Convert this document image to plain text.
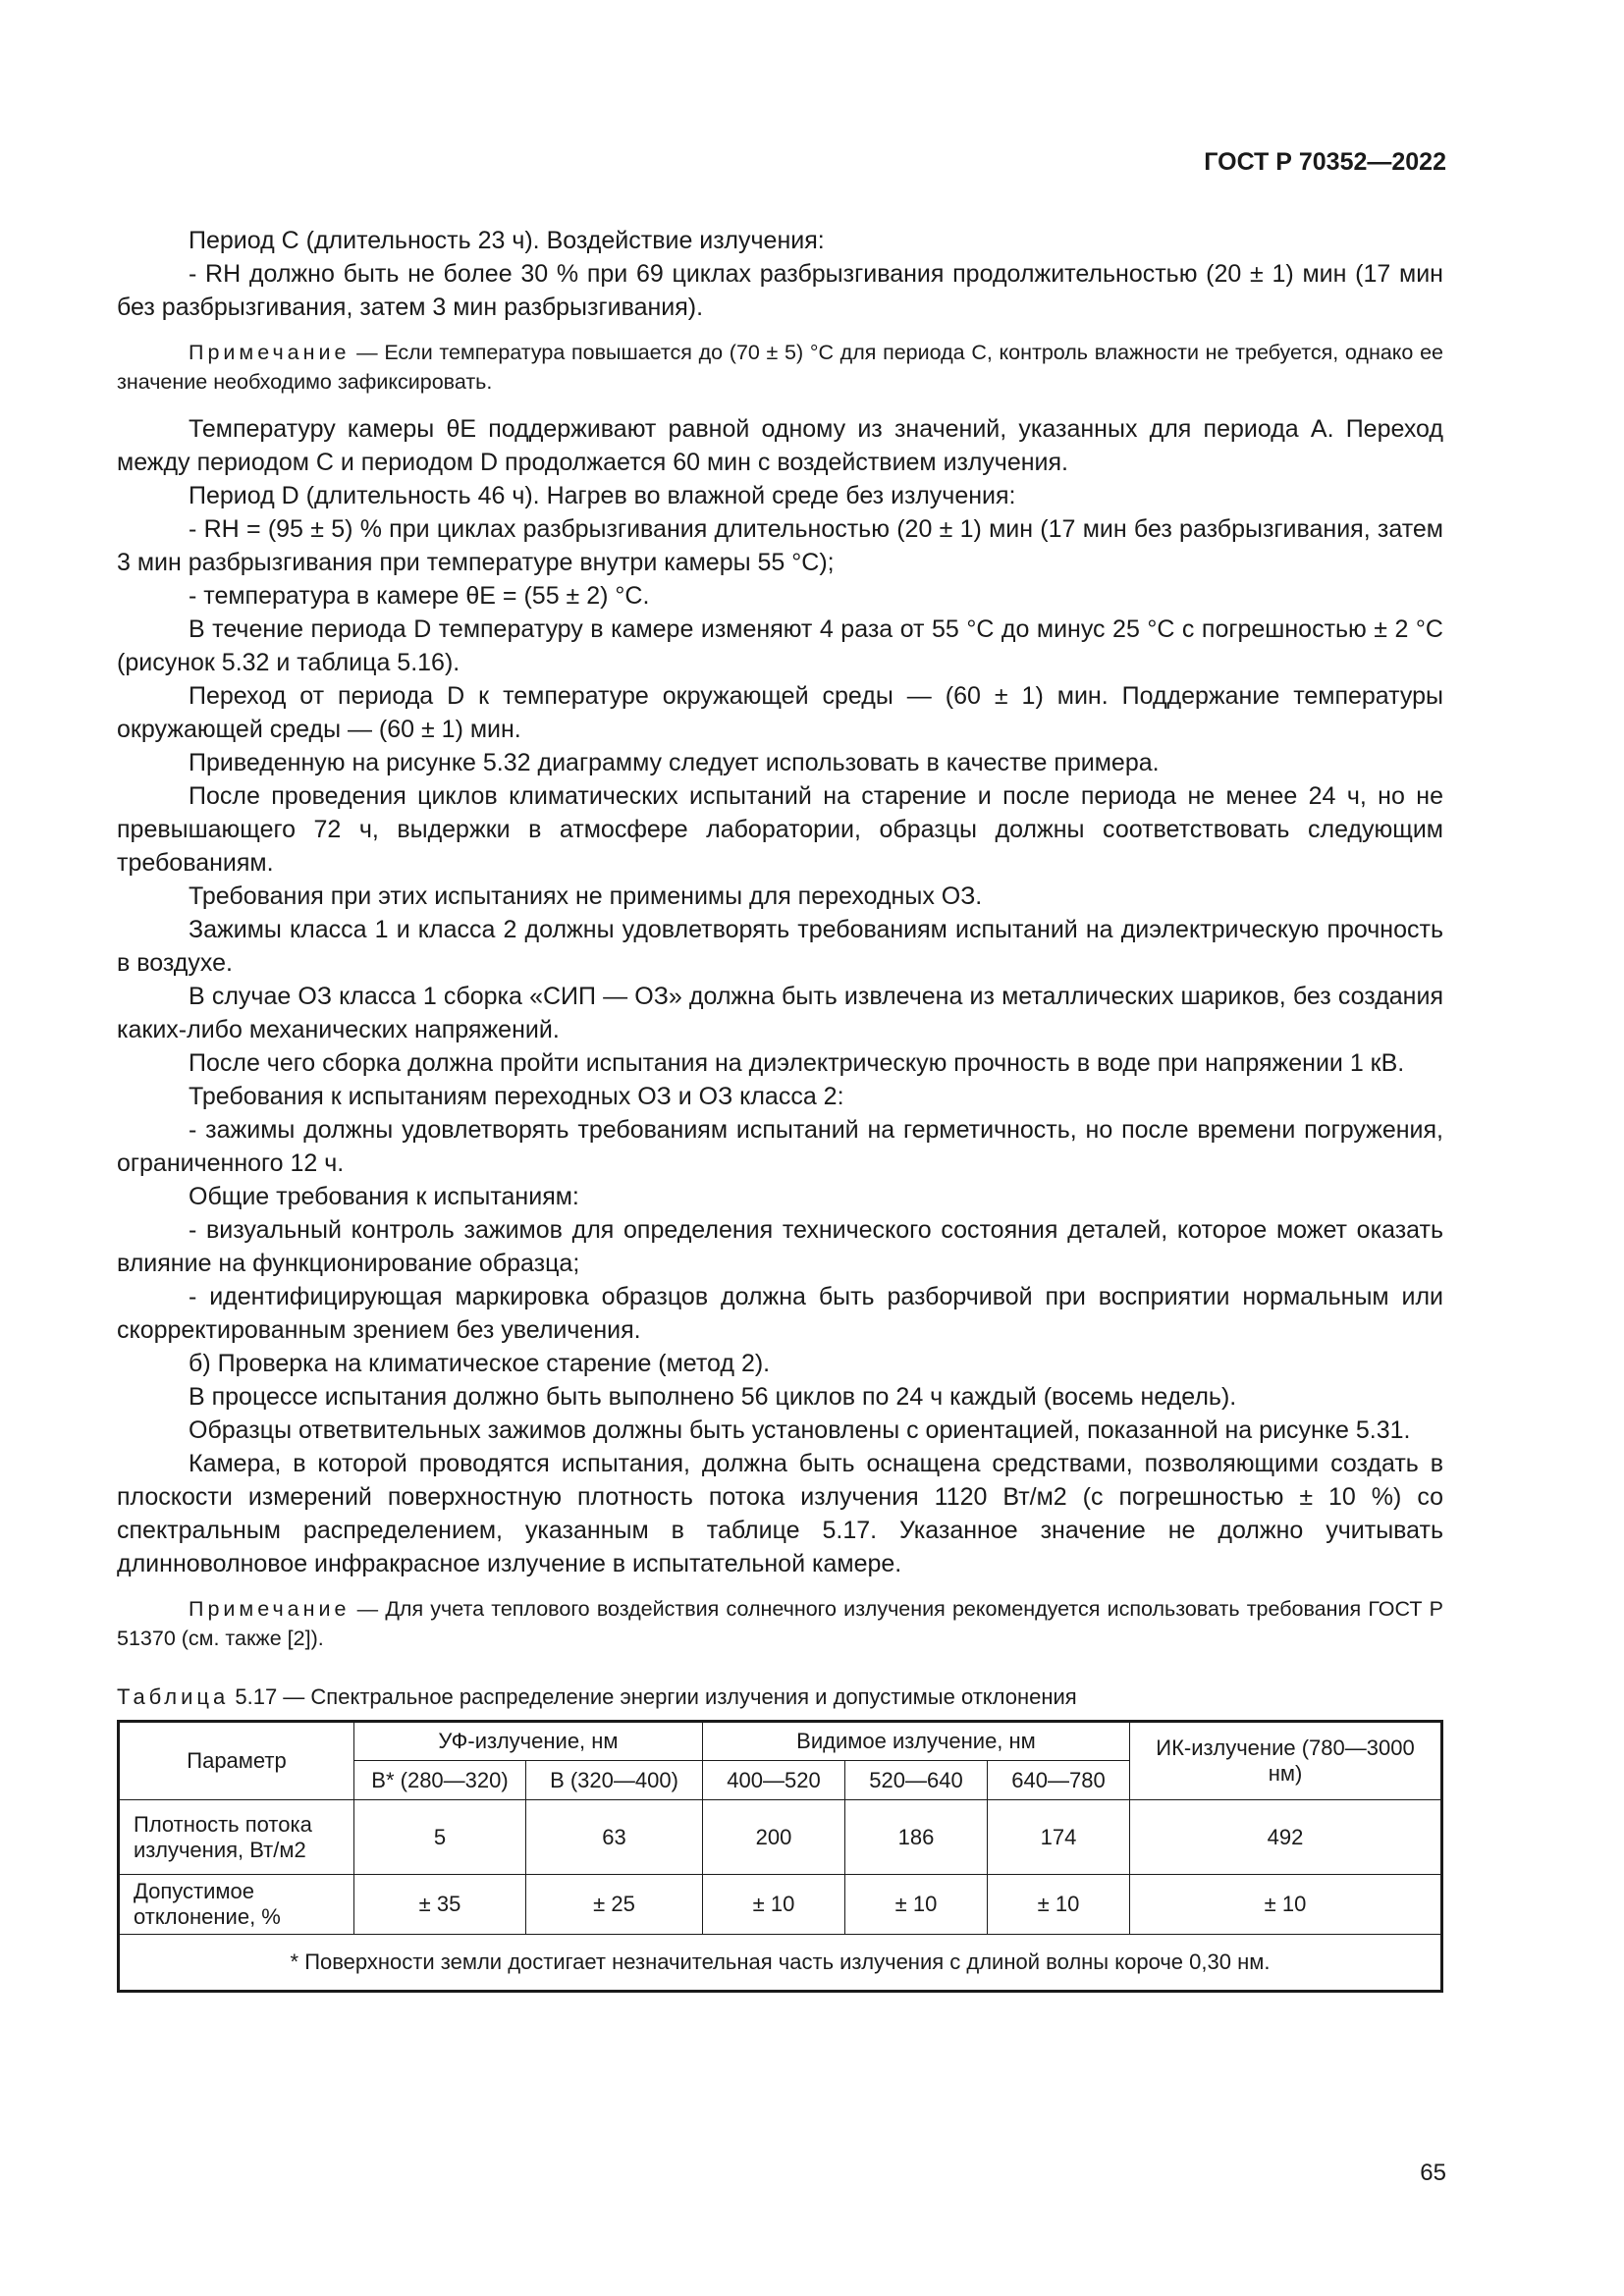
ГОСТ Р 70352—2022

Период С (длительность 23 ч). Воздействие излучения:

- RH должно быть не более 30 % при 69 циклах разбрызгивания продолжительностью (20 ± 1) мин (17 мин без разбрызгивания, затем 3 мин разбрызгивания).

Примечание — Если температура повышается до (70 ± 5) °С для периода С, контроль влажности не требуется, однако ее значение необходимо зафиксировать.

Температуру камеры θE поддерживают равной одному из значений, указанных для периода А. Переход между периодом С и периодом D продолжается 60 мин с воздействием излучения.

Период D (длительность 46 ч). Нагрев во влажной среде без излучения:

- RH = (95 ± 5) % при циклах разбрызгивания длительностью (20 ± 1) мин (17 мин без разбрызгивания, затем 3 мин разбрызгивания при температуре внутри камеры 55 °С);

- температура в камере θE = (55 ± 2) °С.

В течение периода D температуру в камере изменяют 4 раза от 55 °С до минус 25 °С с погрешностью ± 2 °С (рисунок 5.32 и таблица 5.16).

Переход от периода D к температуре окружающей среды — (60 ± 1) мин. Поддержание температуры окружающей среды — (60 ± 1) мин.

Приведенную на рисунке 5.32 диаграмму следует использовать в качестве примера.

После проведения циклов климатических испытаний на старение и после периода не менее 24 ч, но не превышающего 72 ч, выдержки в атмосфере лаборатории, образцы должны соответствовать следующим требованиям.

Требования при этих испытаниях не применимы для переходных ОЗ.

Зажимы класса 1 и класса 2 должны удовлетворять требованиям испытаний на диэлектрическую прочность в воздухе.

В случае ОЗ класса 1 сборка «СИП — ОЗ» должна быть извлечена из металлических шариков, без создания каких-либо механических напряжений.

После чего сборка должна пройти испытания на диэлектрическую прочность в воде при напряжении 1 кВ.

Требования к испытаниям переходных ОЗ и ОЗ класса 2:

- зажимы должны удовлетворять требованиям испытаний на герметичность, но после времени погружения, ограниченного 12 ч.

Общие требования к испытаниям:

- визуальный контроль зажимов для определения технического состояния деталей, которое может оказать влияние на функционирование образца;

- идентифицирующая маркировка образцов должна быть разборчивой при восприятии нормальным или скорректированным зрением без увеличения.

б) Проверка на климатическое старение (метод 2).

В процессе испытания должно быть выполнено 56 циклов по 24 ч каждый (восемь недель).

Образцы ответвительных зажимов должны быть установлены с ориентацией, показанной на рисунке 5.31.

Камера, в которой проводятся испытания, должна быть оснащена средствами, позволяющими создать в плоскости измерений поверхностную плотность потока излучения 1120 Вт/м2 (с погрешностью ± 10 %) со спектральным распределением, указанным в таблице 5.17. Указанное значение не должно учитывать длинноволновое инфракрасное излучение в испытательной камере.

Примечание — Для учета теплового воздействия солнечного излучения рекомендуется использовать требования ГОСТ Р 51370 (см. также [2]).

Таблица 5.17 — Спектральное распределение энергии излучения и допустимые отклонения
Параметр	УФ-излучение, нм		Видимое излучение, нм			ИК-излучение (780—3000 нм)
	В* (280—320)	В (320—400)	400—520	520—640	640—780	
Плотность потока излучения, Вт/м2	5	63	200	186	174	492
Допустимое отклонение, %	± 35	± 25	± 10	± 10	± 10	± 10
* Поверхности земли достигает незначительная часть излучения с длиной волны короче 0,30 нм.						
65
